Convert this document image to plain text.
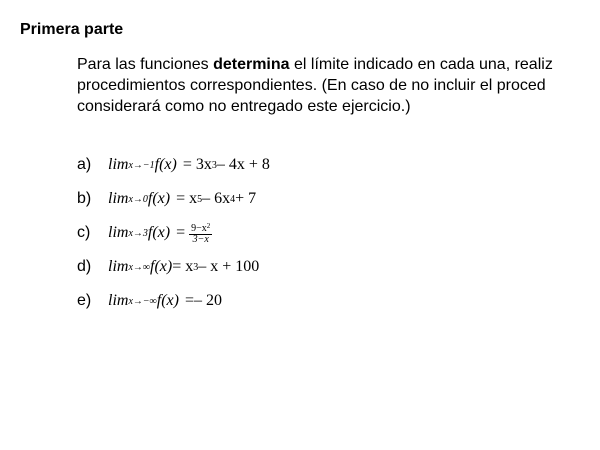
Primera parte

Para las funciones determina el límite indicado en cada una, realiz
procedimientos correspondientes. (En caso de no incluir el proced
considerará como no entregado este ejercicio.)

a)	lim x→−1 f(x) = 3x 3 – 4x + 8
b)	lim x→0 f(x) = x 5 – 6x 4 + 7
c)	lim x→3 $f(x) = \frac{9-x^2}{3-x}$
d)	lim x→∞ f(x) = x 3 – x + 100
e)	lim x→−∞ f(x) =– 20
